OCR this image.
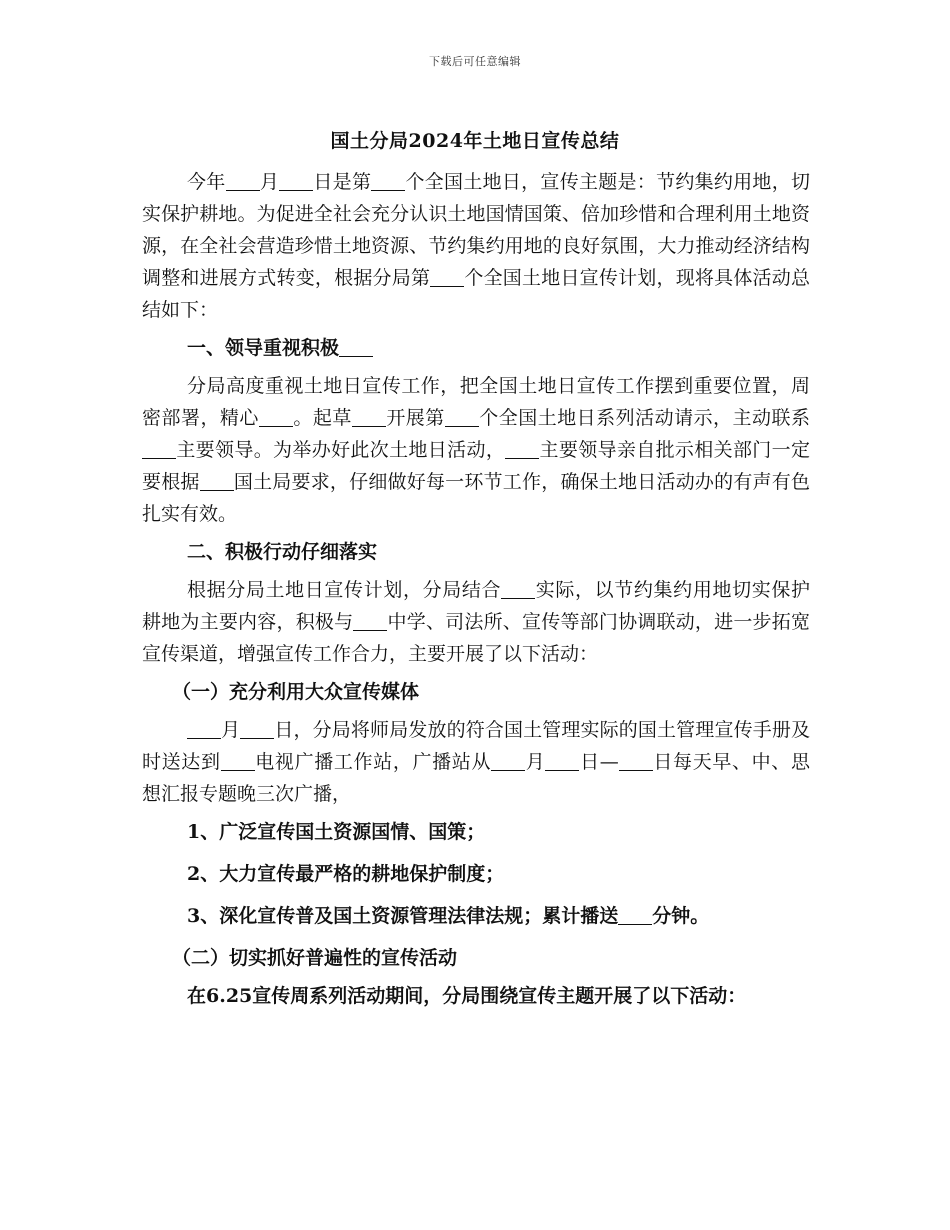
下载后可任意编辑
国土分局2024年土地日宣传总结

今年 月 日是第 个全国土地日，宣传主题是：节约集约用地，切实保护耕地。为促进全社会充分认识土地国情国策、倍加珍惜和合理利用土地资源，在全社会营造珍惜土地资源、节约集约用地的良好氛围，大力推动经济结构调整和进展方式转变，根据分局第 个全国土地日宣传计划，现将具体活动总结如下：

一、领导重视积极

分局高度重视土地日宣传工作，把全国土地日宣传工作摆到重要位置，周密部署，精心 。起草 开展第 个全国土地日系列活动请示，主动联系主要领导。为举办好此次土地日活动， 主要领导亲自批示相关部门一定要根据 国土局要求，仔细做好每一环节工作，确保土地日活动办的有声有色扎实有效。

二、积极行动仔细落实

根据分局土地日宣传计划，分局结合 实际，以节约集约用地切实保护耕地为主要内容，积极与 中学、司法所、宣传等部门协调联动，进一步拓宽宣传渠道，增强宣传工作合力，主要开展了以下活动：

（一）充分利用大众宣传媒体

月 日，分局将师局发放的符合国土管理实际的国土管理宣传手册及时送达到 电视广播工作站，广播站从 月 日— 日每天早、中、思想汇报专题晚三次广播，

1、广泛宣传国土资源国情、国策；

2、大力宣传最严格的耕地保护制度；

3、深化宣传普及国土资源管理法律法规；累计播送 分钟。

（二）切实抓好普遍性的宣传活动

在6.25宣传周系列活动期间，分局围绕宣传主题开展了以下活动：
